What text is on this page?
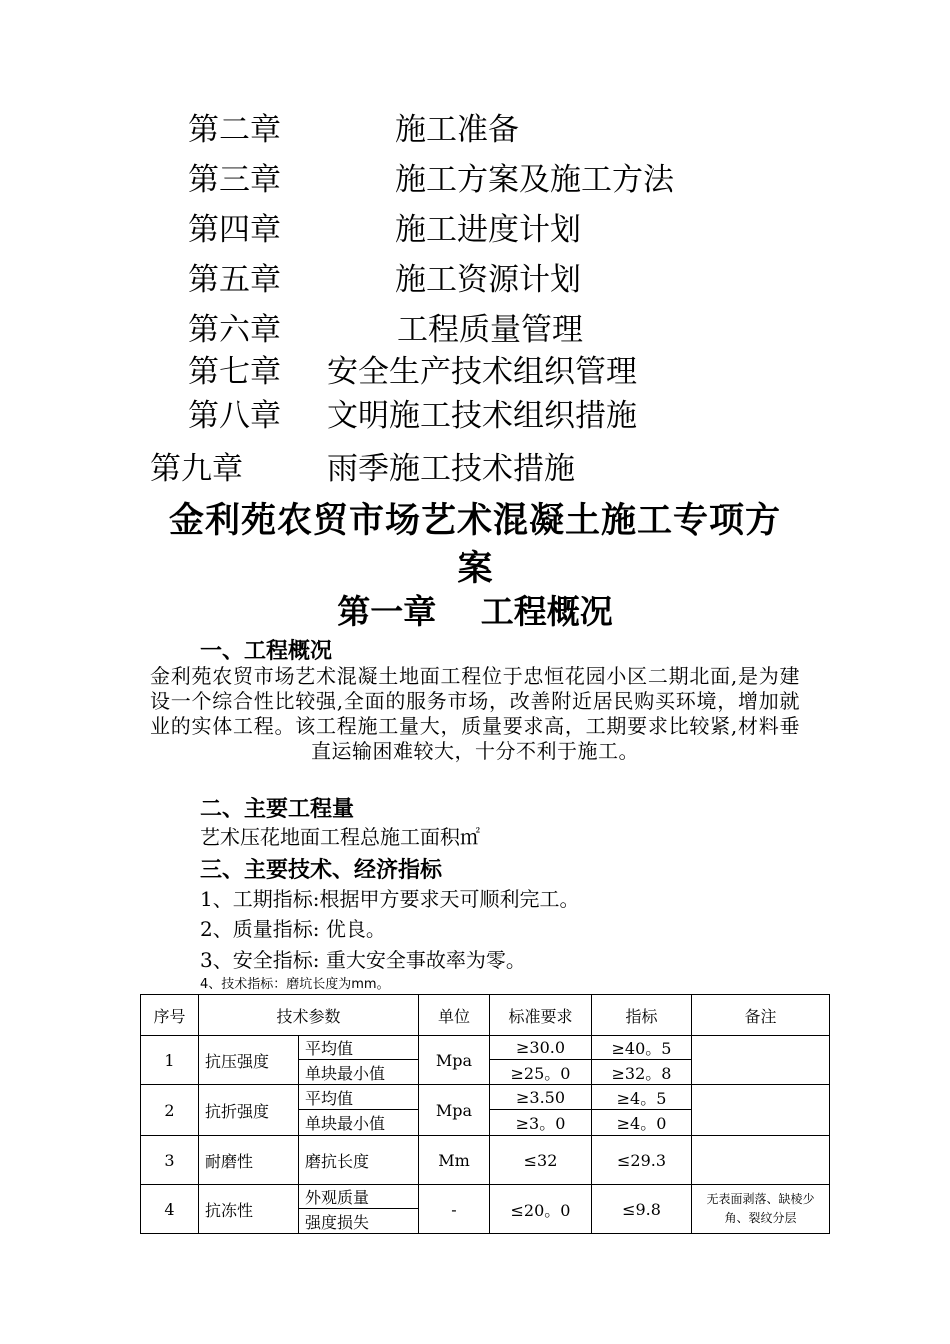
第二章	施工准备
第三章	施工方案及施工方法
第四章	施工进度计划
第五章	施工资源计划
第六章	工程质量管理
第七章 安全生产技术组织管理
第八章 文明施工技术组织措施
第九章	雨季施工技术措施
金利苑农贸市场艺术混凝土施工专项方
案
第一章　 工程概况
一、工程概况
金利苑农贸市场艺术混凝土地面工程位于忠恒花园小区二期北面,是为建设一个综合性比较强,全面的服务市场，改善附近居民购买环境，增加就业的实体工程。该工程施工量大，质量要求高，工期要求比较紧,材料垂直运输困难较大，十分不利于施工。
二、主要工程量
艺术压花地面工程总施工面积㎡
三、主要技术、经济指标
1、工期指标:根据甲方要求天可顺利完工。
2、质量指标: 优良。
3、安全指标: 重大安全事故率为零。
4、技术指标：磨坑长度为mm。
序号	技术参数		单位	标准要求	指标	备注
1	抗压强度	平均值	Mpa	≥30.0	≥40。5	
		单块最小值		≥25。0	≥32。8	
2	抗折强度	平均值	Mpa	≥3.50	≥4。5	
		单块最小值		≥3。0	≥4。0	
3	耐磨性	磨抗长度	Mm	≤32	≤29.3	
4	抗冻性	外观质量	-	≤20。0	≤9.8	无表面剥落、缺棱少角、裂纹分层
		强度损失				
